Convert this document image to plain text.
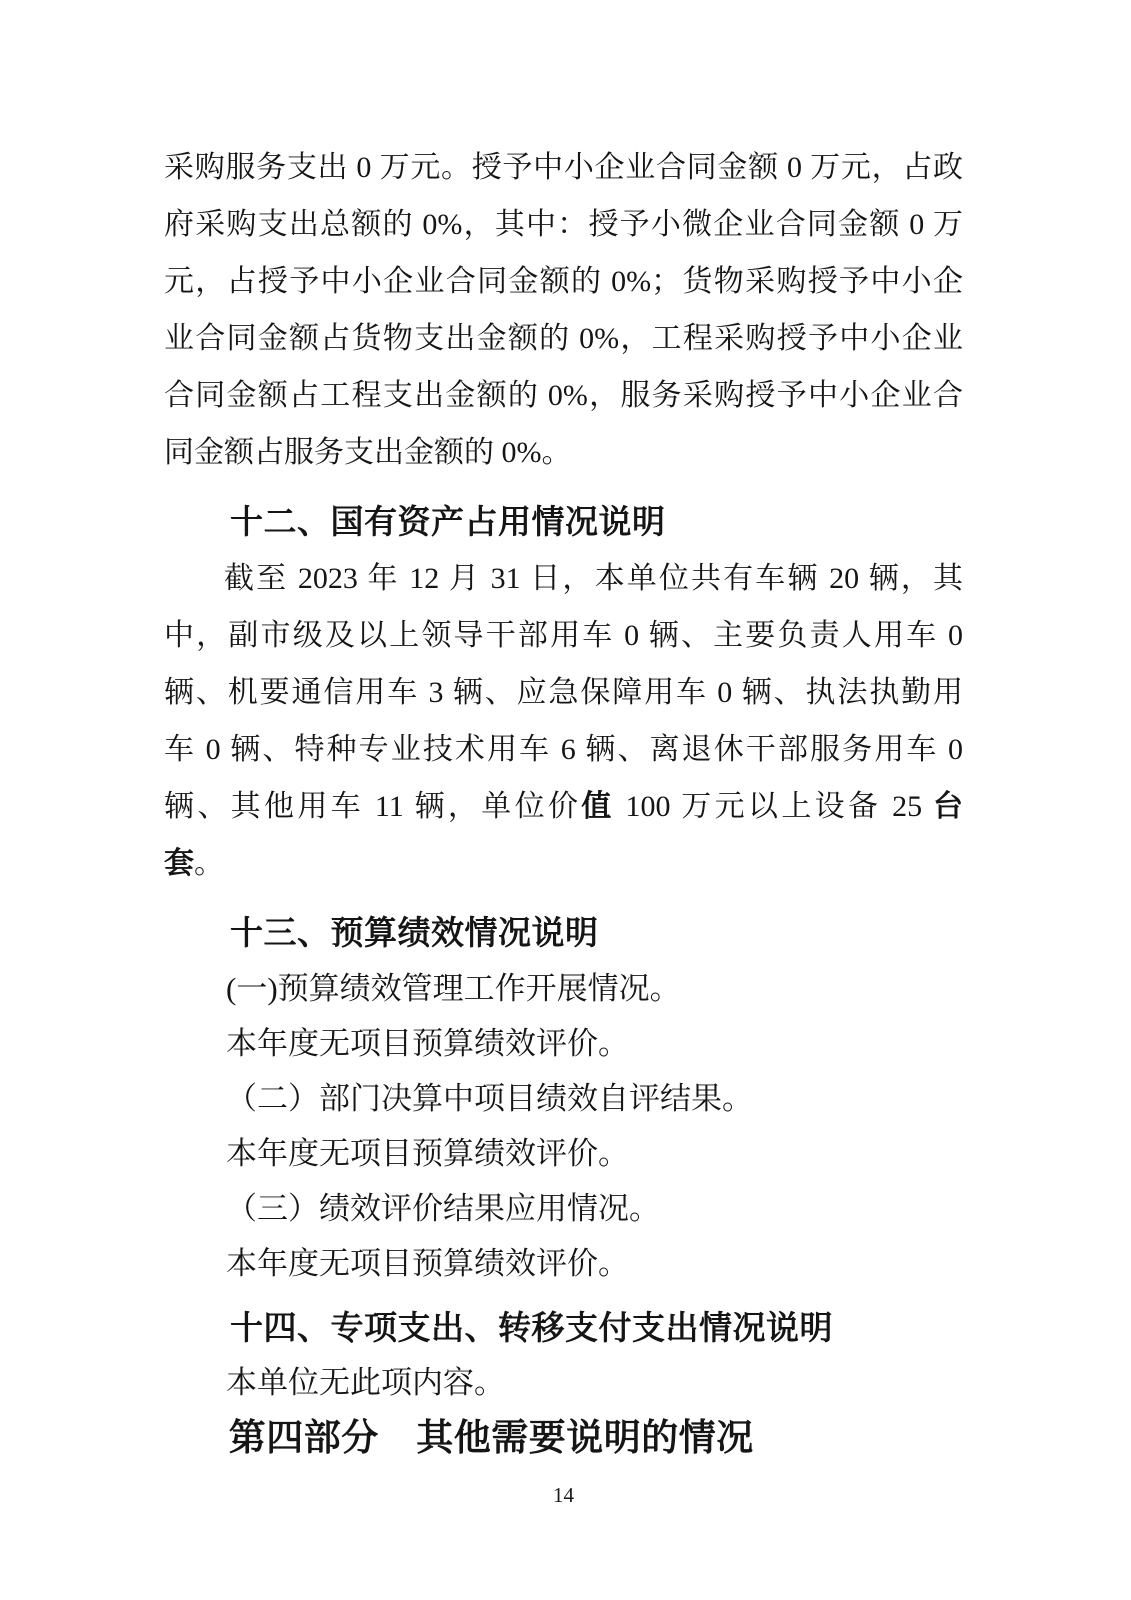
采购服务支出 0 万元。授予中小企业合同金额 0 万元，占政
府采购支出总额的 0%，其中：授予小微企业合同金额 0 万
元，占授予中小企业合同金额的 0%；货物采购授予中小企
业合同金额占货物支出金额的 0%，工程采购授予中小企业
合同金额占工程支出金额的 0%，服务采购授予中小企业合
同金额占服务支出金额的 0%。
十二、国有资产占用情况说明
截至 2023 年 12 月 31 日，本单位共有车辆 20 辆，其
中，副市级及以上领导干部用车 0 辆、主要负责人用车 0
辆、机要通信用车 3 辆、应急保障用车 0 辆、执法执勤用
车 0 辆、特种专业技术用车 6 辆、离退休干部服务用车 0
辆、其他用车 11 辆，单位价值 100 万元以上设备 25 台
套。
十三、预算绩效情况说明
(一)预算绩效管理工作开展情况。
本年度无项目预算绩效评价。
（二）部门决算中项目绩效自评结果。
本年度无项目预算绩效评价。
（三）绩效评价结果应用情况。
本年度无项目预算绩效评价。
十四、专项支出、转移支付支出情况说明
本单位无此项内容。
第四部分　其他需要说明的情况
14
